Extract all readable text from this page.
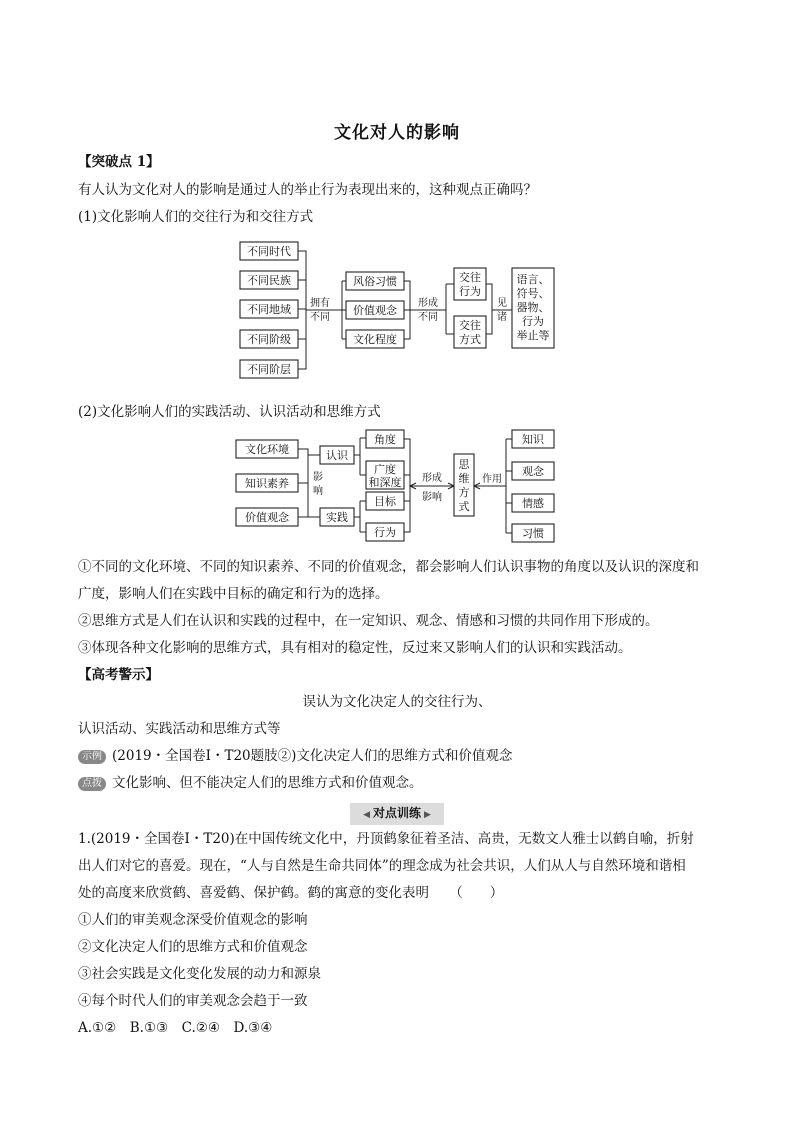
文化对人的影响
【突破点 1】
有人认为文化对人的影响是通过人的举止行为表现出来的，这种观点正确吗？
(1)文化影响人们的交往行为和交往方式
不同时代
不同民族
不同地域
不同阶级
不同阶层
拥有
不同
风俗习惯
价值观念
文化程度
形成
不同
交往
行为
交往
方式
见
诸
语言、
符号、
器物、
行为
举止等
(2)文化影响人们的实践活动、认识活动和思维方式
文化环境
知识素养
价值观念
影
响
认识
实践
角度
广度
和深度
目标
行为
形成
影响
思
维
方
式
作用
知识
观念
情感
习惯
①不同的文化环境、不同的知识素养、不同的价值观念，都会影响人们认识事物的角度以及认识的深度和
广度，影响人们在实践中目标的确定和行为的选择。
②思维方式是人们在认识和实践的过程中，在一定知识、观念、情感和习惯的共同作用下形成的。
③体现各种文化影响的思维方式，具有相对的稳定性，反过来又影响人们的认识和实践活动。
【高考警示】
误认为文化决定人的交往行为、
认识活动、实践活动和思维方式等
示例 (2019・全国卷Ⅰ・T20题肢②)文化决定人们的思维方式和价值观念
点拨 文化影响、但不能决定人们的思维方式和价值观念。
◀ 对点训练 ▶
1.(2019・全国卷Ⅰ・T20)在中国传统文化中，丹顶鹤象征着圣洁、高贵，无数文人雅士以鹤自喻，折射
出人们对它的喜爱。现在，“人与自然是生命共同体”的理念成为社会共识，人们从人与自然环境和谐相
处的高度来欣赏鹤、喜爱鹤、保护鹤。鹤的寓意的变化表明　　（　　）
①人们的审美观念深受价值观念的影响
②文化决定人们的思维方式和价值观念
③社会实践是文化变化发展的动力和源泉
④每个时代人们的审美观念会趋于一致
A.①②　B.①③　C.②④　D.③④
